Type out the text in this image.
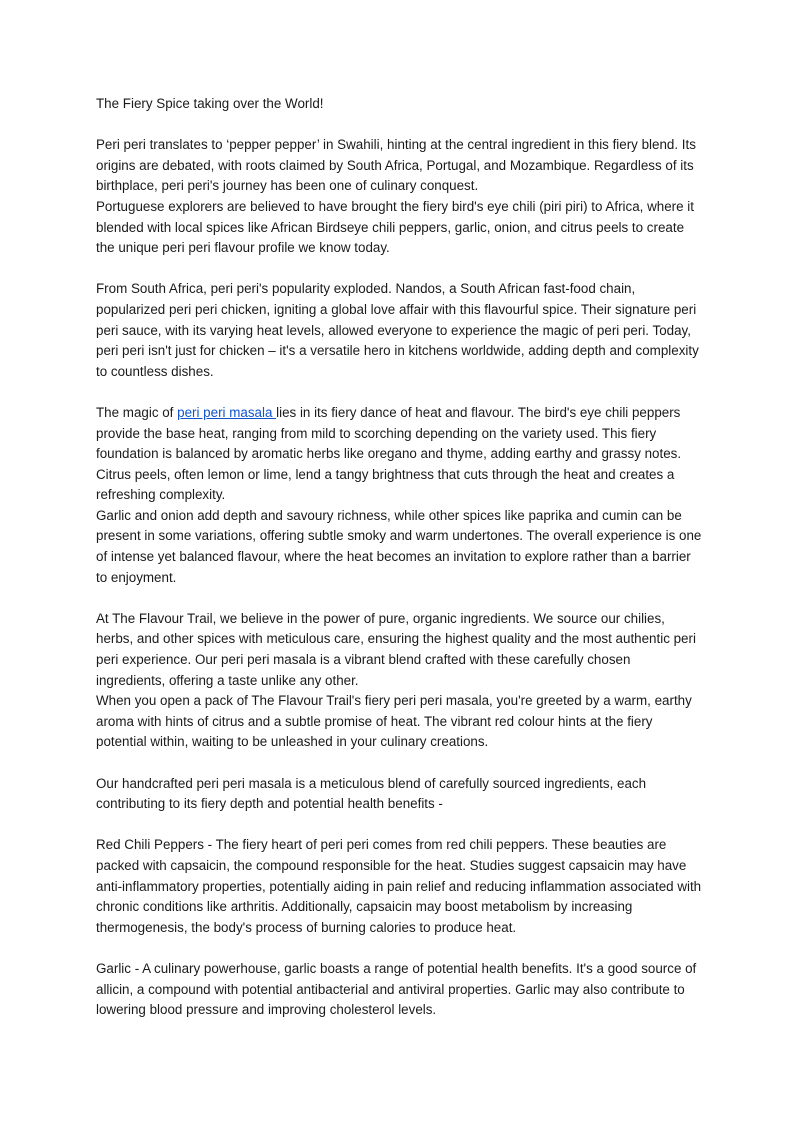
The Fiery Spice taking over the World!

Peri peri translates to ‘pepper pepper’ in Swahili, hinting at the central ingredient in this fiery blend. Its origins are debated, with roots claimed by South Africa, Portugal, and Mozambique. Regardless of its birthplace, peri peri's journey has been one of culinary conquest.

Portuguese explorers are believed to have brought the fiery bird's eye chili (piri piri) to Africa, where it blended with local spices like African Birdseye chili peppers, garlic, onion, and citrus peels to create the unique peri peri flavour profile we know today.

From South Africa, peri peri's popularity exploded. Nandos, a South African fast-food chain, popularized peri peri chicken, igniting a global love affair with this flavourful spice. Their signature peri peri sauce, with its varying heat levels, allowed everyone to experience the magic of peri peri. Today, peri peri isn't just for chicken – it's a versatile hero in kitchens worldwide, adding depth and complexity to countless dishes.

The magic of peri peri masala lies in its fiery dance of heat and flavour. The bird's eye chili peppers provide the base heat, ranging from mild to scorching depending on the variety used. This fiery foundation is balanced by aromatic herbs like oregano and thyme, adding earthy and grassy notes. Citrus peels, often lemon or lime, lend a tangy brightness that cuts through the heat and creates a refreshing complexity.

Garlic and onion add depth and savoury richness, while other spices like paprika and cumin can be present in some variations, offering subtle smoky and warm undertones. The overall experience is one of intense yet balanced flavour, where the heat becomes an invitation to explore rather than a barrier to enjoyment.

At The Flavour Trail, we believe in the power of pure, organic ingredients. We source our chilies, herbs, and other spices with meticulous care, ensuring the highest quality and the most authentic peri peri experience. Our peri peri masala is a vibrant blend crafted with these carefully chosen ingredients, offering a taste unlike any other.

When you open a pack of The Flavour Trail's fiery peri peri masala, you're greeted by a warm, earthy aroma with hints of citrus and a subtle promise of heat. The vibrant red colour hints at the fiery potential within, waiting to be unleashed in your culinary creations.

Our handcrafted peri peri masala is a meticulous blend of carefully sourced ingredients, each contributing to its fiery depth and potential health benefits -

Red Chili Peppers - The fiery heart of peri peri comes from red chili peppers. These beauties are packed with capsaicin, the compound responsible for the heat. Studies suggest capsaicin may have anti-inflammatory properties, potentially aiding in pain relief and reducing inflammation associated with chronic conditions like arthritis. Additionally, capsaicin may boost metabolism by increasing thermogenesis, the body's process of burning calories to produce heat.

Garlic - A culinary powerhouse, garlic boasts a range of potential health benefits. It's a good source of allicin, a compound with potential antibacterial and antiviral properties. Garlic may also contribute to lowering blood pressure and improving cholesterol levels.
